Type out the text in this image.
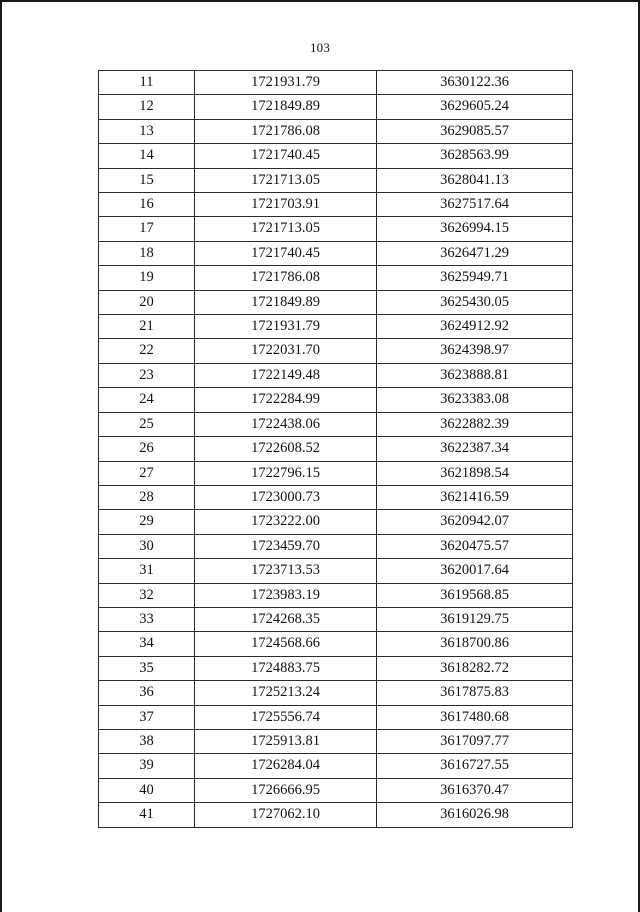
103
11	1721931.79	3630122.36
12	1721849.89	3629605.24
13	1721786.08	3629085.57
14	1721740.45	3628563.99
15	1721713.05	3628041.13
16	1721703.91	3627517.64
17	1721713.05	3626994.15
18	1721740.45	3626471.29
19	1721786.08	3625949.71
20	1721849.89	3625430.05
21	1721931.79	3624912.92
22	1722031.70	3624398.97
23	1722149.48	3623888.81
24	1722284.99	3623383.08
25	1722438.06	3622882.39
26	1722608.52	3622387.34
27	1722796.15	3621898.54
28	1723000.73	3621416.59
29	1723222.00	3620942.07
30	1723459.70	3620475.57
31	1723713.53	3620017.64
32	1723983.19	3619568.85
33	1724268.35	3619129.75
34	1724568.66	3618700.86
35	1724883.75	3618282.72
36	1725213.24	3617875.83
37	1725556.74	3617480.68
38	1725913.81	3617097.77
39	1726284.04	3616727.55
40	1726666.95	3616370.47
41	1727062.10	3616026.98
